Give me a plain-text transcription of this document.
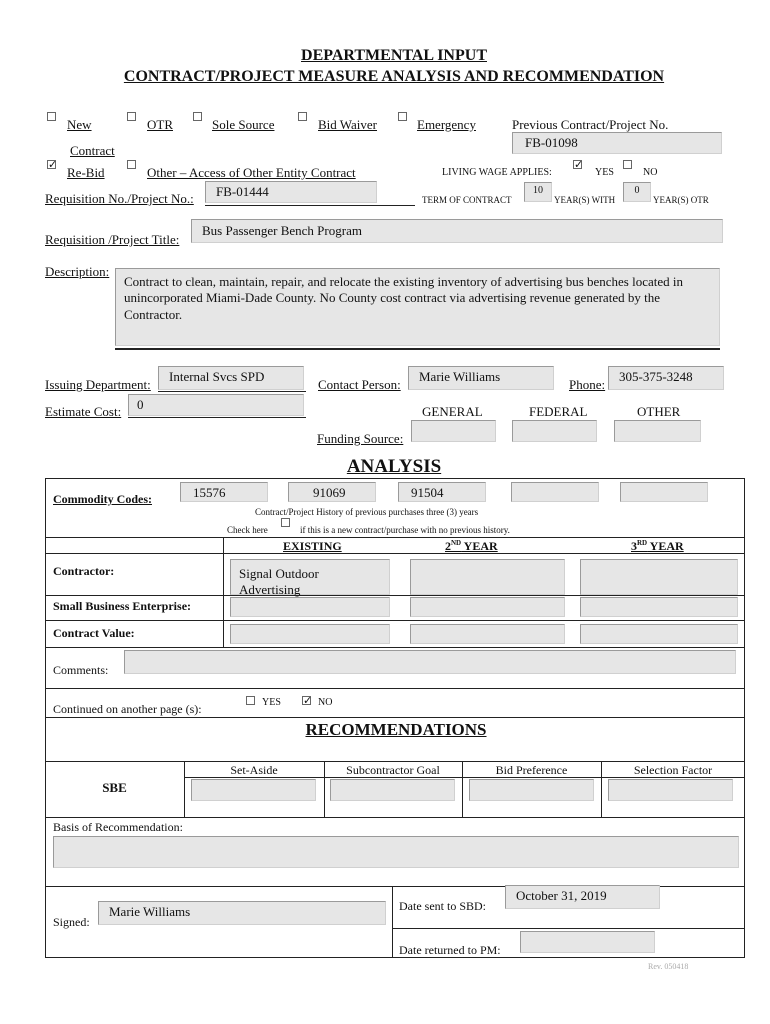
DEPARTMENTAL INPUT
CONTRACT/PROJECT MEASURE ANALYSIS AND RECOMMENDATION
New
Contract
OTR	Sole Source	Bid Waiver	Emergency	Previous Contract/Project No.
FB-01098
✓
Re-Bid	Other – Access of Other Entity Contract	LIVING WAGE APPLIES:
✓
YES	NO
Requisition No./Project No.:	FB-01444
TERM OF CONTRACT
10
YEAR(S) WITH
0
YEAR(S) OTR
Requisition /Project Title:
Bus Passenger Bench Program
Description:
Contract to clean, maintain, repair, and relocate the existing inventory of advertising bus benches located in unincorporated Miami-Dade County. No County cost contract via advertising revenue generated by the Contractor.
Issuing Department:
Internal Svcs SPD
Contact Person:
Marie Williams
Phone:
305-375-3248
Estimate Cost:	0	GENERAL	FEDERAL	OTHER
Funding Source:
ANALYSIS
Commodity Codes:	15576	91069	91504
Contract/Project History of previous purchases three (3) years
Check here	if this is a new contract/purchase with no previous history.
EXISTING	2ND YEAR	3RD YEAR
Contractor:	Signal Outdoor Advertising
Small Business Enterprise:
Contract Value:
Comments:
Continued on another page (s):	YES ✓ NO
RECOMMENDATIONS
Set-Aside	Subcontractor Goal	Bid Preference	Selection Factor
SBE
Basis of Recommendation:
Signed:
Marie Williams	Date sent to SBD:
October 31, 2019
Date returned to PM:
Rev. 050418
